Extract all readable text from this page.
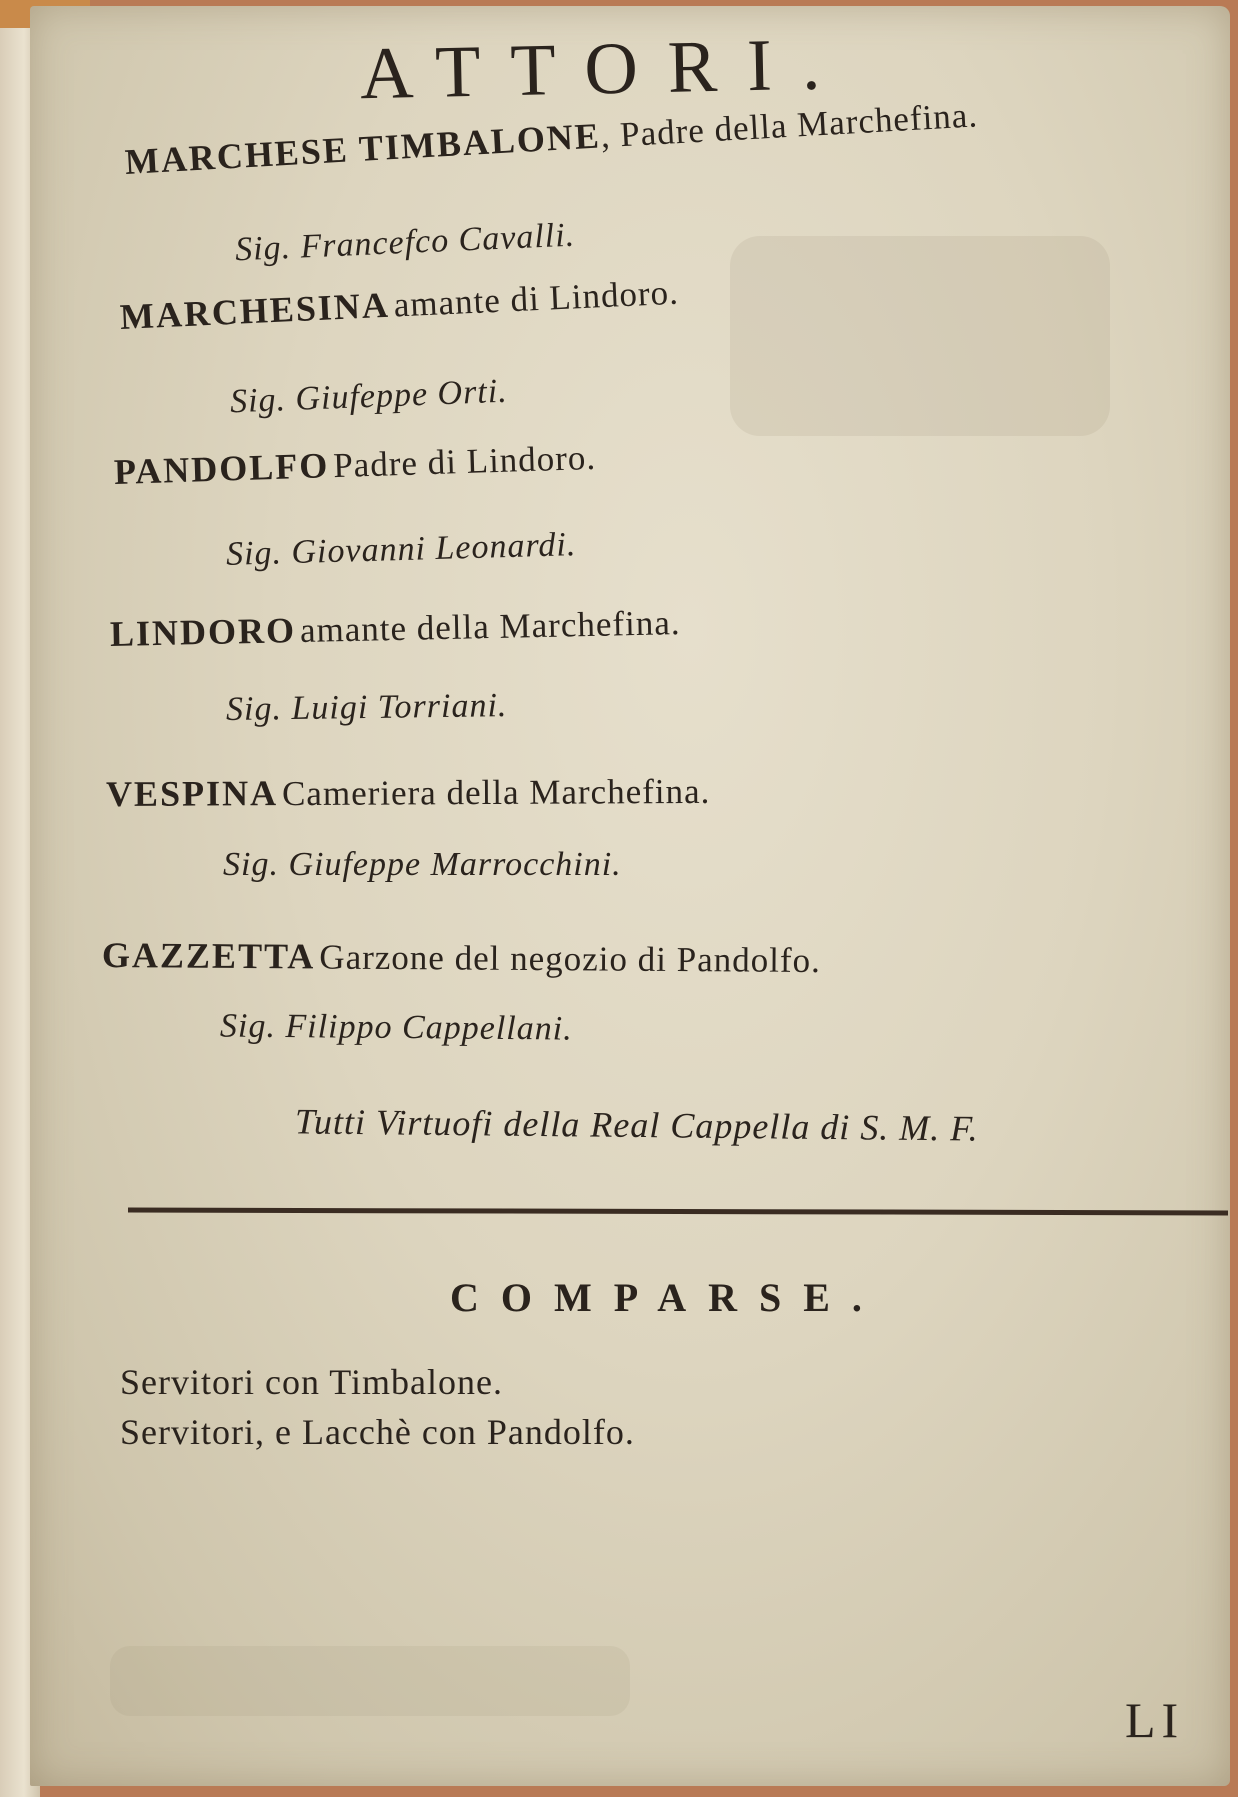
ATTORI.
MARCHESE TIMBALONE, Padre della Marchefina.
Sig. Francefco Cavalli.
MARCHESINA amante di Lindoro.
Sig. Giufeppe Orti.
PANDOLFO Padre di Lindoro.
Sig. Giovanni Leonardi.
LINDORO amante della Marchefina.
Sig. Luigi Torriani.
VESPINA Cameriera della Marchefina.
Sig. Giufeppe Marrocchini.
GAZZETTA Garzone del negozio di Pandolfo.
Sig. Filippo Cappellani.
Tutti Virtuofi della Real Cappella di S. M. F.
COMPARSE.
Servitori con Timbalone.
Servitori, e Lacchè con Pandolfo.
LI
